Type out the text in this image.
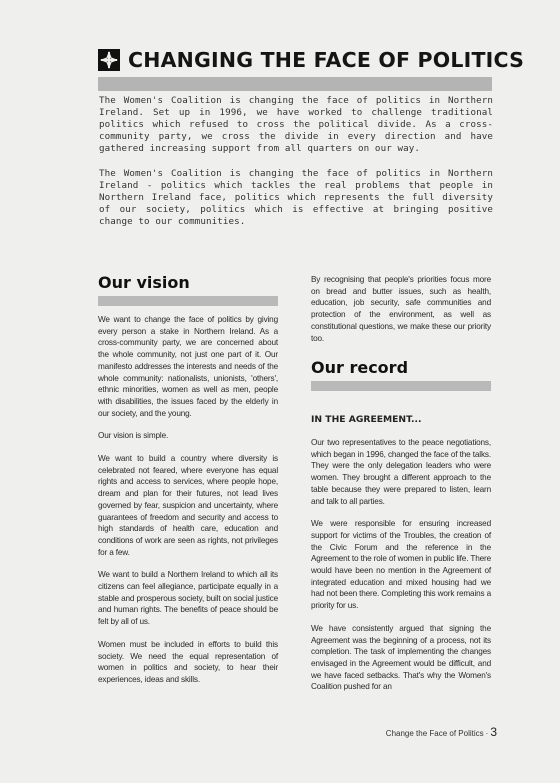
CHANGING THE FACE OF POLITICS

The Women's Coalition is changing the face of politics in Northern Ireland. Set up in 1996, we have worked to challenge traditional politics which refused to cross the political divide. As a cross-community party, we cross the divide in every direction and have gathered increasing support from all quarters on our way.

The Women's Coalition is changing the face of politics in Northern Ireland - politics which tackles the real problems that people in Northern Ireland face, politics which represents the full diversity of our society, politics which is effective at bringing positive change to our communities.

Our vision

We want to change the face of politics by giving every person a stake in Northern Ireland. As a cross-community party, we are concerned about the whole community, not just one part of it. Our manifesto addresses the interests and needs of the whole community: nationalists, unionists, 'others', ethnic minorities, women as well as men, people with disabilities, the issues faced by the elderly in our society, and the young.

Our vision is simple.

We want to build a country where diversity is celebrated not feared, where everyone has equal rights and access to services, where people hope, dream and plan for their futures, not lead lives governed by fear, suspicion and uncertainty, where guarantees of freedom and security and access to high standards of health care, education and conditions of work are seen as rights, not privileges for a few.

We want to build a Northern Ireland to which all its citizens can feel allegiance, participate equally in a stable and prosperous society, built on social justice and human rights. The benefits of peace should be felt by all of us.

Women must be included in efforts to build this society. We need the equal representation of women in politics and society, to hear their experiences, ideas and skills.

By recognising that people's priorities focus more on bread and butter issues, such as health, education, job security, safe communities and protection of the environment, as well as constitutional questions, we make these our priority too.

Our record
IN THE AGREEMENT...

Our two representatives to the peace negotiations, which began in 1996, changed the face of the talks. They were the only delegation leaders who were women. They brought a different approach to the table because they were prepared to listen, learn and talk to all parties.

We were responsible for ensuring increased support for victims of the Troubles, the creation of the Civic Forum and the reference in the Agreement to the role of women in public life. There would have been no mention in the Agreement of integrated education and mixed housing had we had not been there. Completing this work remains a priority for us.

We have consistently argued that signing the Agreement was the beginning of a process, not its completion. The task of implementing the changes envisaged in the Agreement would be difficult, and we have faced setbacks. That's why the Women's Coalition pushed for an

Change the Face of Politics · 3
